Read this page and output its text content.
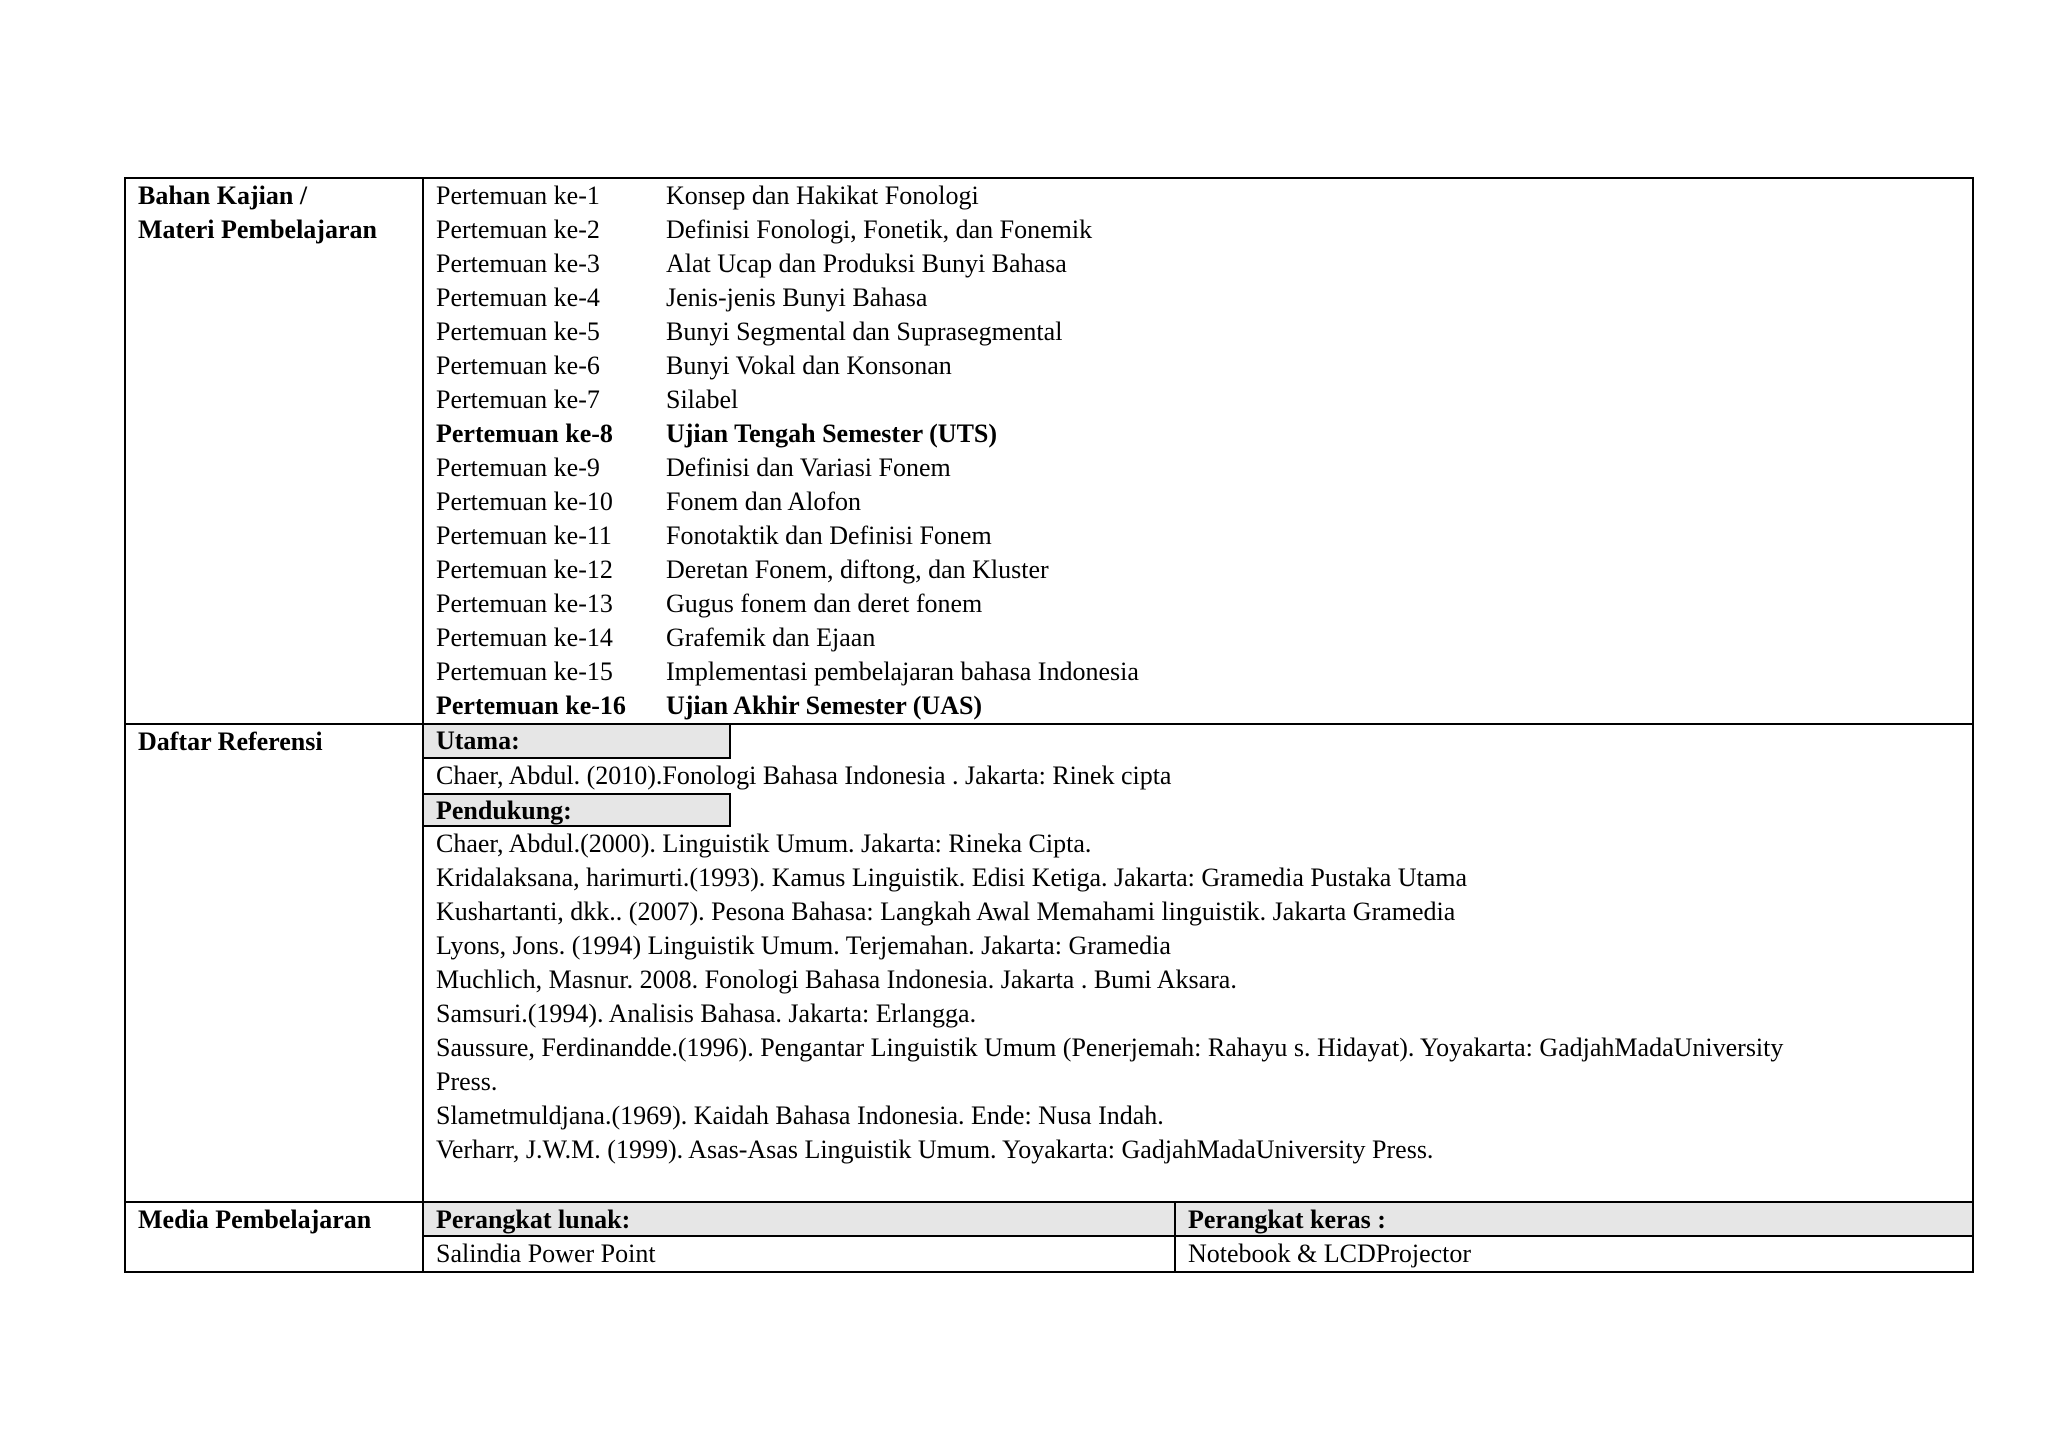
Bahan Kajian /
Materi Pembelajaran
Pertemuan ke-1	Konsep dan Hakikat Fonologi
Pertemuan ke-2	Definisi Fonologi, Fonetik, dan Fonemik
Pertemuan ke-3	Alat Ucap dan Produksi Bunyi Bahasa
Pertemuan ke-4	Jenis-jenis Bunyi Bahasa
Pertemuan ke-5	Bunyi Segmental dan Suprasegmental
Pertemuan ke-6	Bunyi Vokal dan Konsonan
Pertemuan ke-7	Silabel
Pertemuan ke-8	Ujian Tengah Semester (UTS)
Pertemuan ke-9	Definisi dan Variasi Fonem
Pertemuan ke-10	Fonem dan Alofon
Pertemuan ke-11	Fonotaktik dan Definisi Fonem
Pertemuan ke-12	Deretan Fonem, diftong, dan Kluster
Pertemuan ke-13	Gugus fonem dan deret fonem
Pertemuan ke-14	Grafemik dan Ejaan
Pertemuan ke-15	Implementasi pembelajaran bahasa Indonesia
Pertemuan ke-16	Ujian Akhir Semester (UAS)
Daftar Referensi	Utama:
Chaer, Abdul. (2010).Fonologi Bahasa Indonesia . Jakarta: Rinek cipta
Pendukung:
Chaer, Abdul.(2000). Linguistik Umum. Jakarta: Rineka Cipta.
Kridalaksana, harimurti.(1993). Kamus Linguistik. Edisi Ketiga. Jakarta: Gramedia Pustaka Utama
Kushartanti, dkk.. (2007). Pesona Bahasa: Langkah Awal Memahami linguistik. Jakarta Gramedia
Lyons, Jons. (1994) Linguistik Umum. Terjemahan. Jakarta: Gramedia
Muchlich, Masnur. 2008. Fonologi Bahasa Indonesia. Jakarta . Bumi Aksara.
Samsuri.(1994). Analisis Bahasa. Jakarta: Erlangga.
Saussure, Ferdinandde.(1996). Pengantar Linguistik Umum (Penerjemah: Rahayu s. Hidayat). Yoyakarta: GadjahMadaUniversity
Press.
Slametmuldjana.(1969). Kaidah Bahasa Indonesia. Ende: Nusa Indah.
Verharr, J.W.M. (1999). Asas-Asas Linguistik Umum. Yoyakarta: GadjahMadaUniversity Press.
Media Pembelajaran	Perangkat lunak:	Perangkat keras :
Salindia Power Point	Notebook & LCDProjector
